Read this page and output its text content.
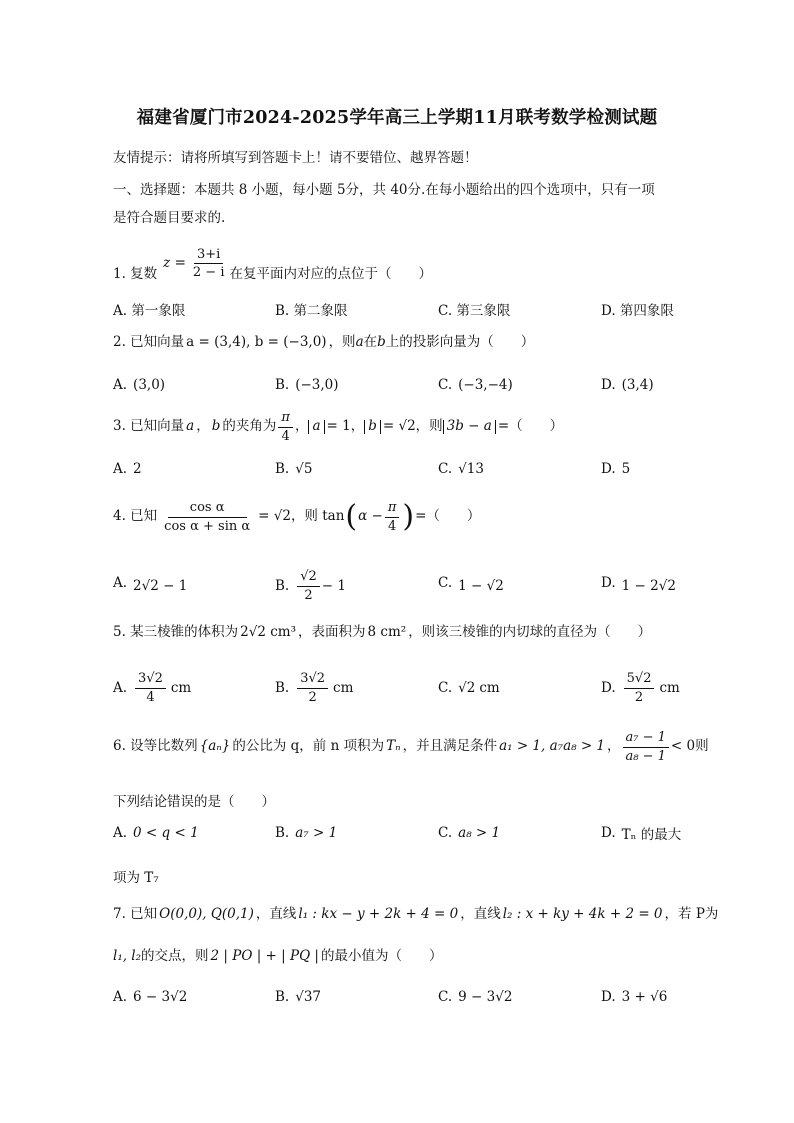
福建省厦门市2024-2025学年高三上学期11月联考数学检测试题
友情提示：请将所填写到答题卡上！请不要错位、越界答题！
一、选择题：本题共 8 小题，每小题 5分，共 40分.在每小题给出的四个选项中，只有一项
是符合题目要求的.
1. 复数
$z = \frac{3+i}{2 - i}$ 在复平面内对应的点位于（　　）
A. 第一象限	B. 第二象限	C. 第三象限	D. 第四象限
2. 已知向量 a = (3,4), b = (−3,0) ，则 a 在 b 上的投影向量为（　　）
A. (3,0)	B. (−3,0)	C. (−3,−4)	D. (3,4)
3. 已知向量 a ， b 的夹角为 $\frac{\pi}{4}$ ， a = 1， b = √2 ，则 3b − a =（　　）
A. 2	B. √5	C. √13	D. 5
4. 已知 $\frac{\text{cos α}}{\text{cos α + sin α}} = √2$ ，则 tan ( $\alpha - \frac{\pi}{4}$ ) =（　　）
A. 2√2 − 1	B. $\frac{√2}{2} - 1$	C. 1 − √2	D. 1 − 2√2
5. 某三棱锥的体积为 2√2 cm³ ，表面积为 8 cm² ，则该三棱锥的内切球的直径为（　　）
A. $\frac{3√2}{4}$ cm	B. $\frac{3√2}{2}$ cm	C. √2 cm	D. $\frac{5√2}{2}$ cm
6. 设等比数列 {aₙ} 的公比为 q，前 n 项积为 Tₙ ，并且满足条件 a₁ > 1, a₇a₈ > 1 ， $\frac{\text{a₇ − 1}}{\text{a₈ − 1}} < 0$ 则
下列结论错误的是（　　）
A. 0 < q < 1	B. a₇ > 1	C. a₈ > 1	D. Tₙ 的最大
项为 T₇
7. 已知 O(0,0), Q(0,1) ，直线 l₁ : kx − y + 2k + 4 = 0 ，直线 l₂ : x + ky + 4k + 2 = 0 ，若 P为
l₁, l₂ 的交点，则 2 | PO | + | PQ | 的最小值为（　　）
A. 6 − 3√2	B. √37	C. 9 − 3√2	D. 3 + √6
